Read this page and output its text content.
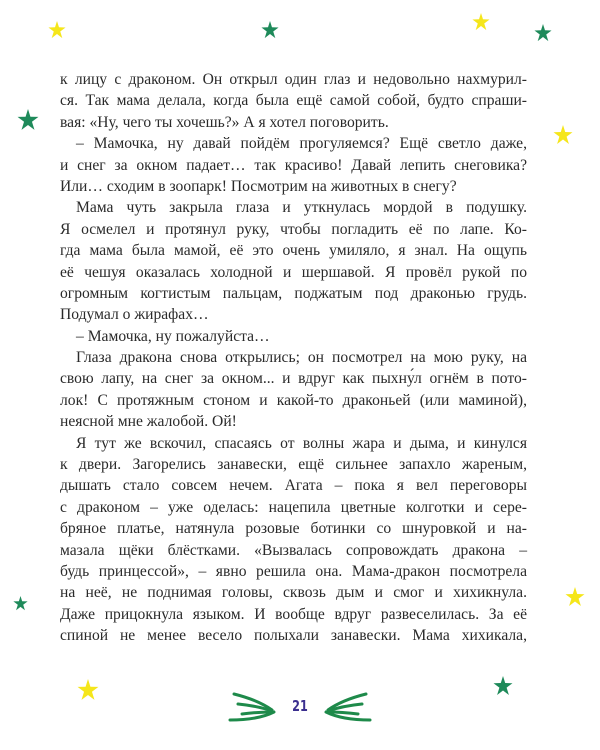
к лицу с драконом. Он открыл один глаз и недовольно нахмурил-
ся. Так мама делала, когда была ещё самой собой, будто спраши-
вая: «Ну, чего ты хочешь?» А я хотел поговорить.
– Мамочка, ну давай пойдём прогуляемся? Ещё светло даже,
и снег за окном падает… так красиво! Давай лепить снеговика?
Или… сходим в зоопарк! Посмотрим на животных в снегу?
Мама чуть закрыла глаза и уткнулась мордой в подушку.
Я осмелел и протянул руку, чтобы погладить её по лапе. Ко-
гда мама была мамой, её это очень умиляло, я знал. На ощупь
её чешуя оказалась холодной и шершавой. Я провёл рукой по
огромным когтистым пальцам, поджатым под драконью грудь.
Подумал о жирафах…
– Мамочка, ну пожалуйста…
Глаза дракона снова открылись; он посмотрел на мою руку, на
свою лапу, на снег за окном... и вдруг как пыхну́л огнём в пото-
лок! С протяжным стоном и какой-то драконьей (или маминой),
неясной мне жалобой. Ой!
Я тут же вскочил, спасаясь от волны жара и дыма, и кинулся
к двери. Загорелись занавески, ещё сильнее запахло жареным,
дышать стало совсем нечем. Агата – пока я вел переговоры
с драконом – уже оделась: нацепила цветные колготки и сере-
бряное платье, натянула розовые ботинки со шнуровкой и на-
мазала щёки блёстками. «Вызвалась сопровождать дракона –
будь принцессой», – явно решила она. Мама-дракон посмотрела
на неё, не поднимая головы, сквозь дым и смог и хихикнула.
Даже прицокнула языком. И вообще вдруг развеселилась. За её
спиной не менее весело полыхали занавески. Мама хихикала,
21
